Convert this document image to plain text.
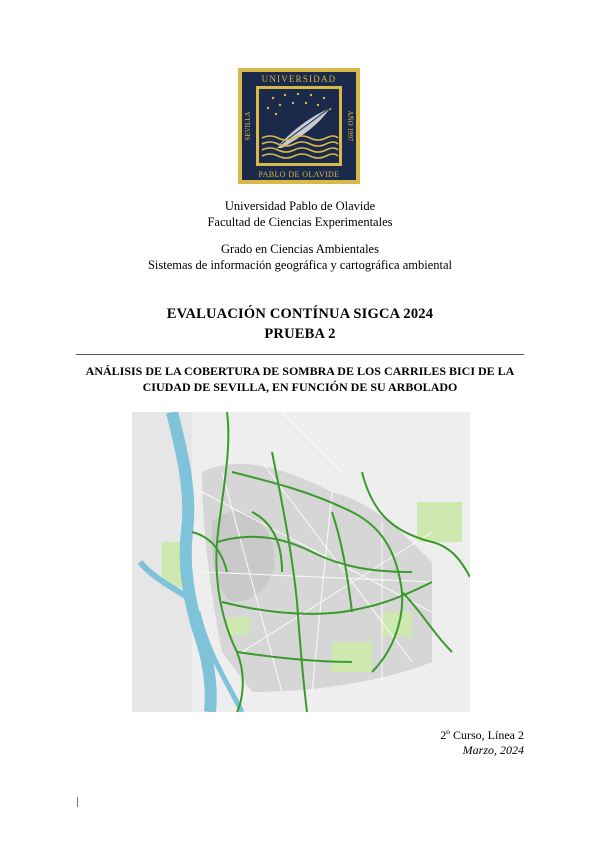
UNIVERSIDAD
PABLO DE OLAVIDE
SEVILLA	AÑO 1997
Universidad Pablo de Olavide
Facultad de Ciencias Experimentales
Grado en Ciencias Ambientales
Sistemas de información geográfica y cartográfica ambiental
EVALUACIÓN CONTÍNUA SIGCA 2024
PRUEBA 2
ANÁLISIS DE LA COBERTURA DE SOMBRA DE LOS CARRILES BICI DE LA
CIUDAD DE SEVILLA, EN FUNCIÓN DE SU ARBOLADO
2º Curso, Línea 2
Marzo, 2024
